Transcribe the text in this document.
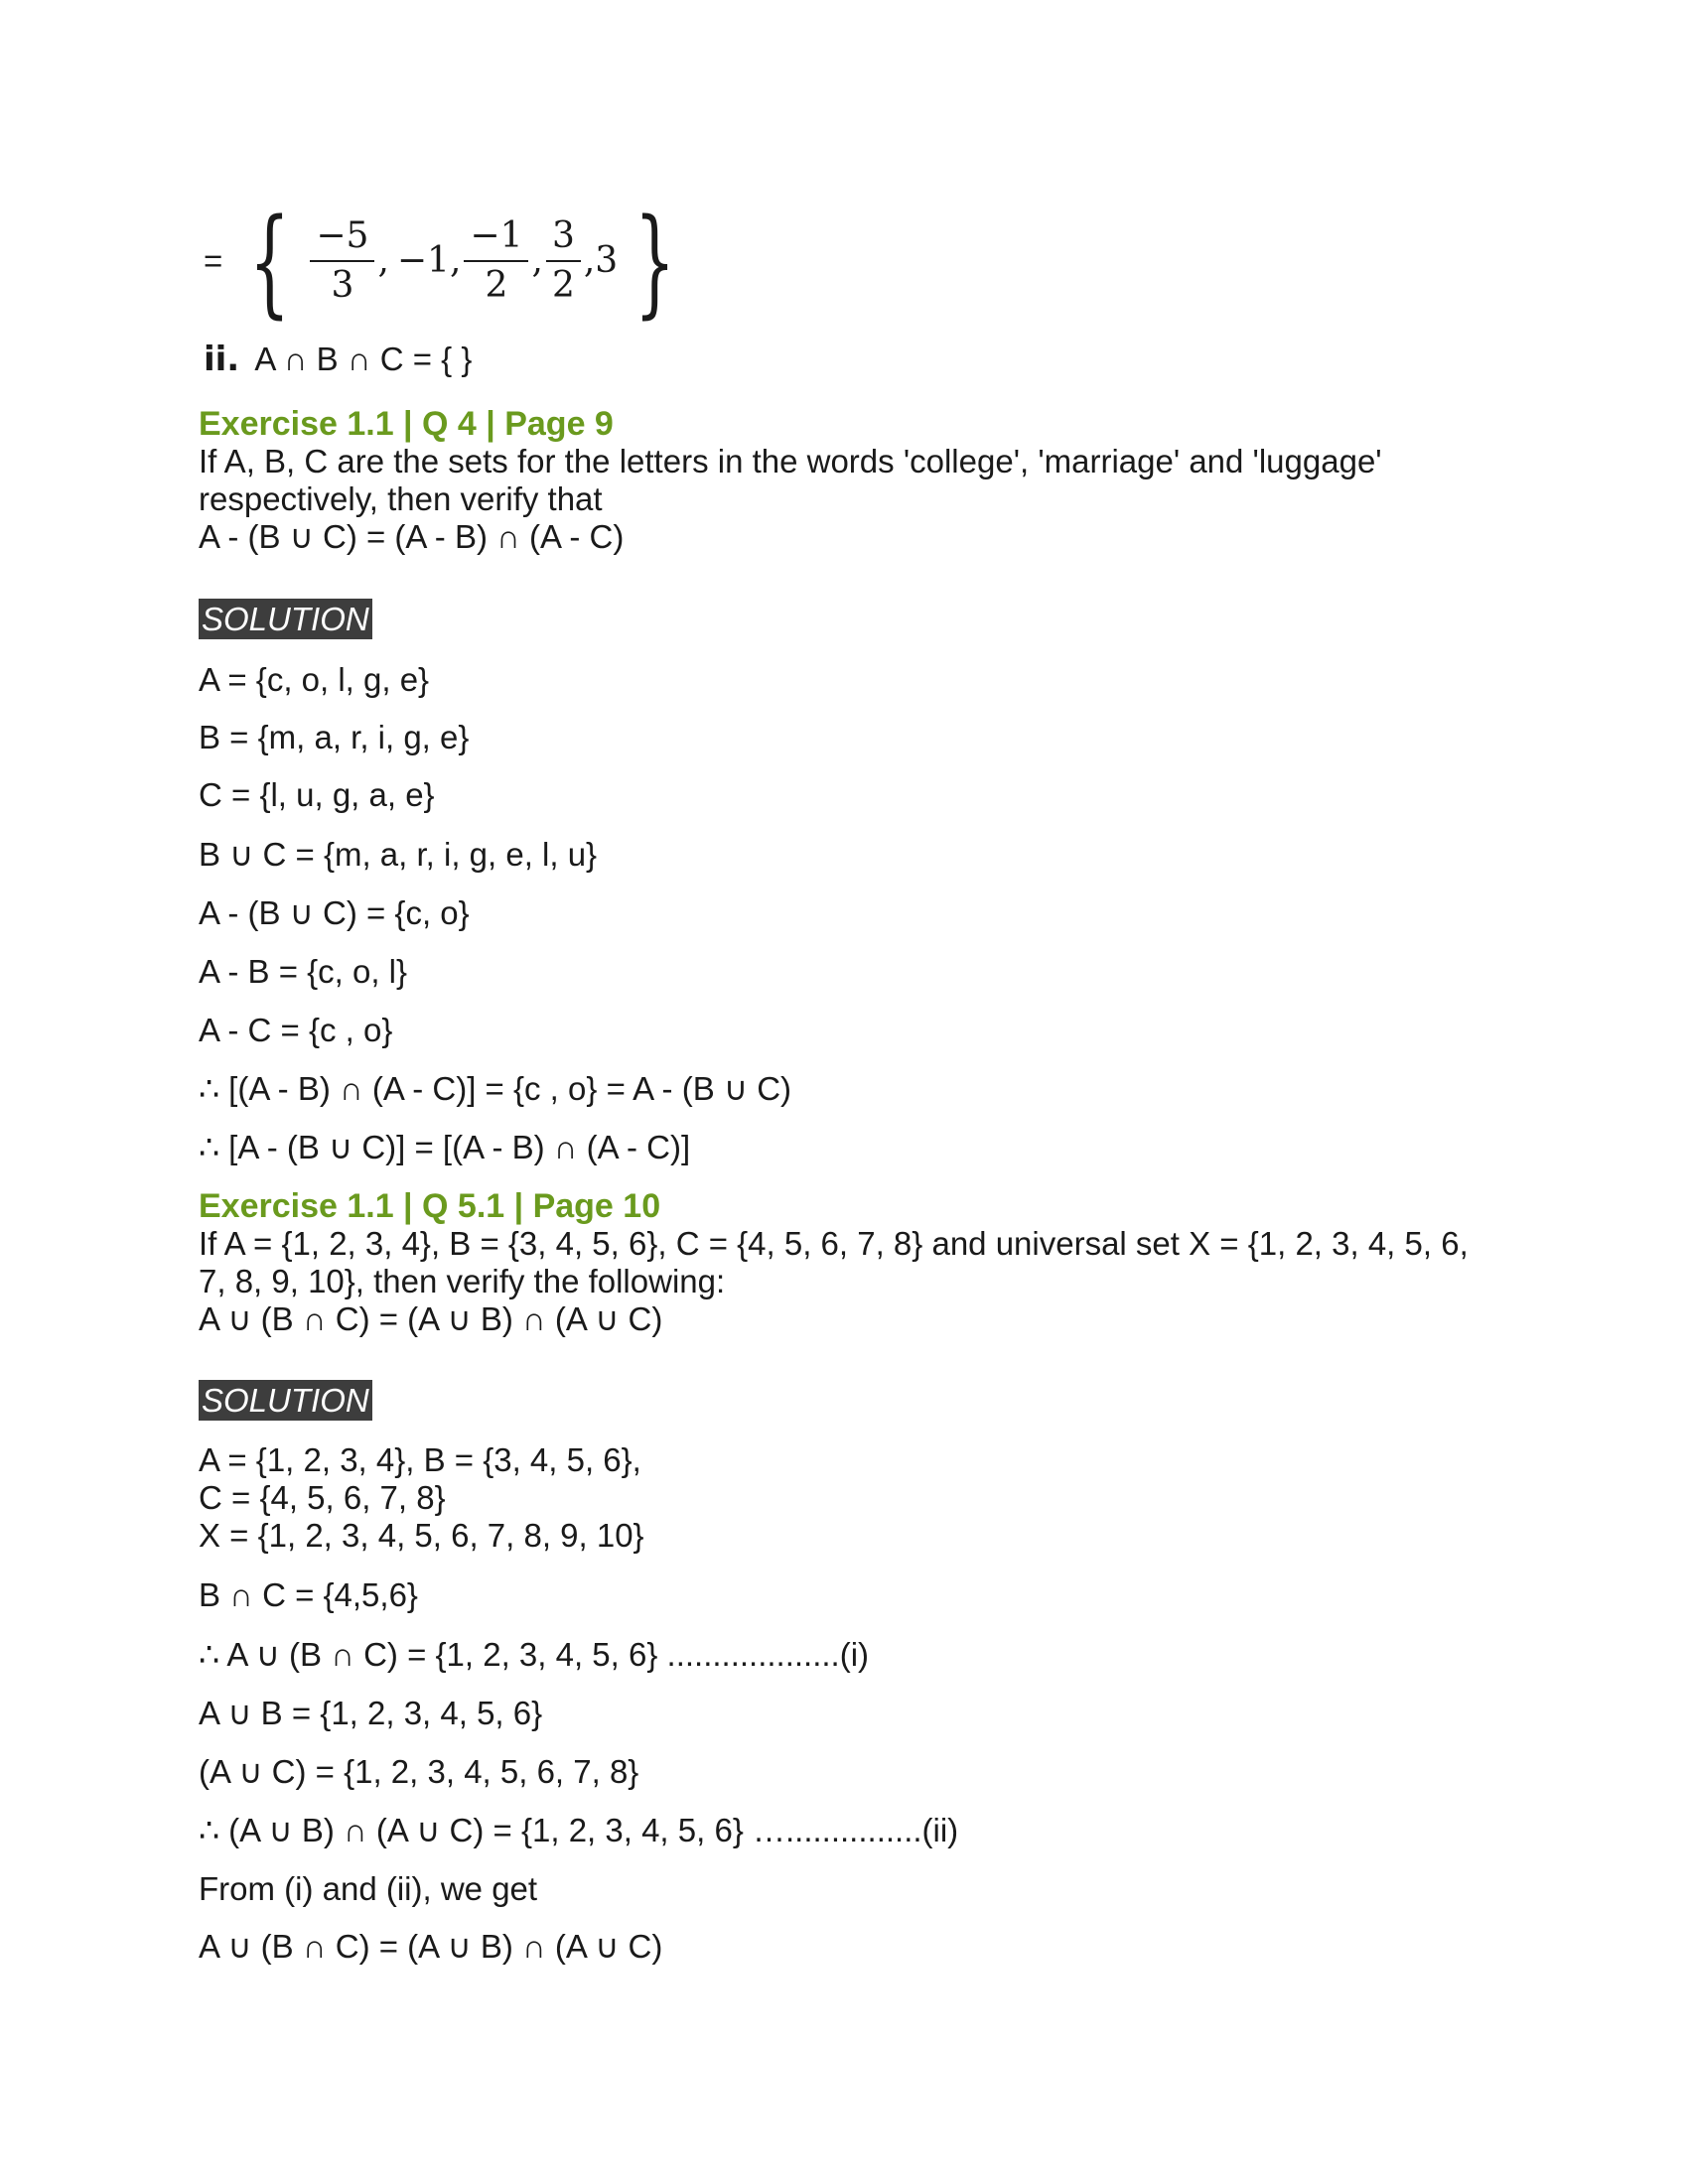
= { $\frac{-5}{3}$ , −1, $\frac{-1}{2}$ , $\frac{3}{2} ,3$ }
ii. A ∩ B ∩ C = { }
Exercise 1.1 | Q 4 | Page 9
If A, B, C are the sets for the letters in the words 'college', 'marriage' and 'luggage'
respectively, then verify that
A - (B ∪ C) = (A - B) ∩ (A - C)
SOLUTION
A = {c, o, l, g, e}
B = {m, a, r, i, g, e}
C = {l, u, g, a, e}
B ∪ C = {m, a, r, i, g, e, l, u}
A - (B ∪ C) = {c, o}
A - B = {c, o, l}
A - C = {c , o}
∴ [(A - B) ∩ (A - C)] = {c , o} = A - (B ∪ C)
∴ [A - (B ∪ C)] = [(A - B) ∩ (A - C)]
Exercise 1.1 | Q 5.1 | Page 10
If A = {1, 2, 3, 4}, B = {3, 4, 5, 6}, C = {4, 5, 6, 7, 8} and universal set X = {1, 2, 3, 4, 5, 6,
7, 8, 9, 10}, then verify the following:
A ∪ (B ∩ C) = (A ∪ B) ∩ (A ∪ C)
SOLUTION
A = {1, 2, 3, 4}, B = {3, 4, 5, 6},
C = {4, 5, 6, 7, 8}
X = {1, 2, 3, 4, 5, 6, 7, 8, 9, 10}
B ∩ C = {4,5,6}
∴ A ∪ (B ∩ C) = {1, 2, 3, 4, 5, 6} ...................(i)
A ∪ B = {1, 2, 3, 4, 5, 6}
(A ∪ C) = {1, 2, 3, 4, 5, 6, 7, 8}
∴ (A ∪ B) ∩ (A ∪ C) = {1, 2, 3, 4, 5, 6} …...............(ii)
From (i) and (ii), we get
A ∪ (B ∩ C) = (A ∪ B) ∩ (A ∪ C)
